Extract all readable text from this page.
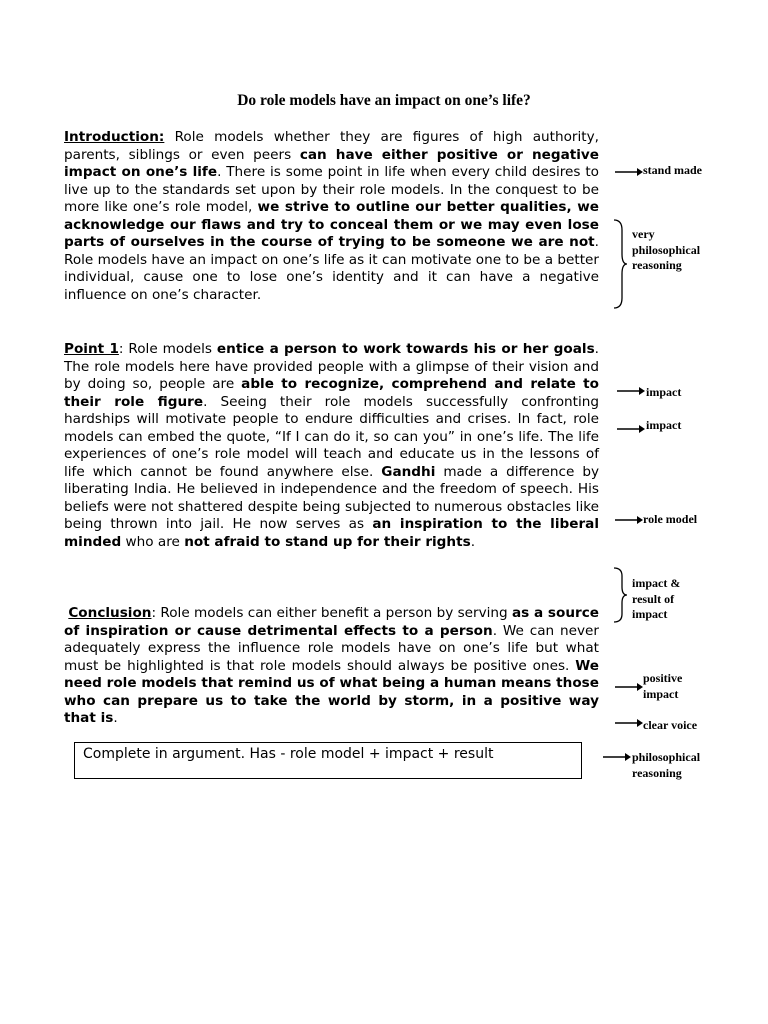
Do role models have an impact on one’s life?

Introduction: Role models whether they are figures of high authority, parents, siblings or even peers can have either positive or negative impact on one’s life. There is some point in life when every child desires to live up to the standards set upon by their role models. In the conquest to be more like one’s role model, we strive to outline our better qualities, we acknowledge our flaws and try to conceal them or we may even lose parts of ourselves in the course of trying to be someone we are not. Role models have an impact on one’s life as it can motivate one to be a better individual, cause one to lose one’s identity and it can have a negative influence on one’s character.

Point 1: Role models entice a person to work towards his or her goals. The role models here have provided people with a glimpse of their vision and by doing so, people are able to recognize, comprehend and relate to their role figure. Seeing their role models successfully confronting hardships will motivate people to endure difficulties and crises. In fact, role models can embed the quote, “If I can do it, so can you” in one’s life. The life experiences of one’s role model will teach and educate us in the lessons of life which cannot be found anywhere else. Gandhi made a difference by liberating India. He believed in independence and the freedom of speech. His beliefs were not shattered despite being subjected to numerous obstacles like being thrown into jail. He now serves as an inspiration to the liberal minded who are not afraid to stand up for their rights.

Conclusion: Role models can either benefit a person by serving as a source of inspiration or cause detrimental effects to a person. We can never adequately express the influence role models have on one’s life but what must be highlighted is that role models should always be positive ones. We need role models that remind us of what being a human means those who can prepare us to take the world by storm, in a positive way that is.

Complete in argument. Has - role model + impact + result
stand made
very
philosophical
reasoning
impact
impact
role model
impact &
result of
impact
positive
impact
clear voice
philosophical
reasoning
